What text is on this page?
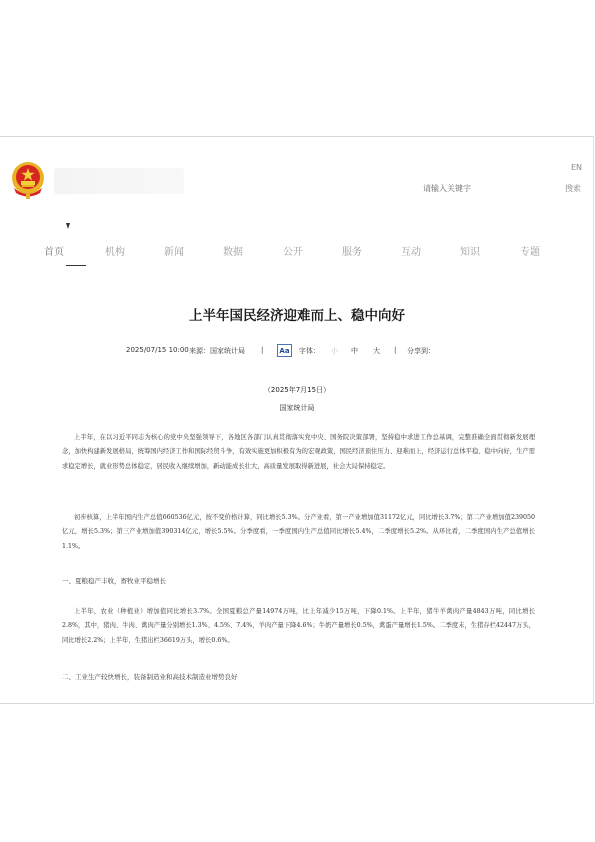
EN
请输入关键字	搜索
首页	机构	新闻	数据	公开	服务	互动	知识	专题
上半年国民经济迎难而上、稳中向好
2025/07/15 10:00 来源：国家统计局 |	Aa	字体： 小 中 大 | 分享到：
（2025年7月15日）
国家统计局
上半年，在以习近平同志为核心的党中央坚强领导下，各地区各部门认真贯彻落实党中央、国务院决策部署，坚持稳中求进工作总基调，完整准确全面贯彻新发展理念，加快构建新发展格局，统筹国内经济工作和国际经贸斗争，有效实施更加积极有为的宏观政策，国民经济顶住压力、迎难而上，经济运行总体平稳、稳中向好，生产需求稳定增长，就业形势总体稳定，居民收入继续增加，新动能成长壮大，高质量发展取得新进展，社会大局保持稳定。
初步核算，上半年国内生产总值660536亿元，按不变价格计算，同比增长5.3%。分产业看，第一产业增加值31172亿元，同比增长3.7%；第二产业增加值239050亿元，增长5.3%；第三产业增加值390314亿元，增长5.5%。分季度看，一季度国内生产总值同比增长5.4%，二季度增长5.2%。从环比看，二季度国内生产总值增长1.1%。
一、夏粮稳产丰收，畜牧业平稳增长
上半年，农业（种植业）增加值同比增长3.7%。全国夏粮总产量14974万吨，比上年减少15万吨，下降0.1%。上半年，猪牛羊禽肉产量4843万吨，同比增长2.8%，其中，猪肉、牛肉、禽肉产量分别增长1.3%、4.5%、7.4%，羊肉产量下降4.6%；牛奶产量增长0.5%，禽蛋产量增长1.5%。二季度末，生猪存栏42447万头，同比增长2.2%；上半年，生猪出栏36619万头，增长0.6%。
二、工业生产较快增长，装备制造业和高技术制造业增势良好
